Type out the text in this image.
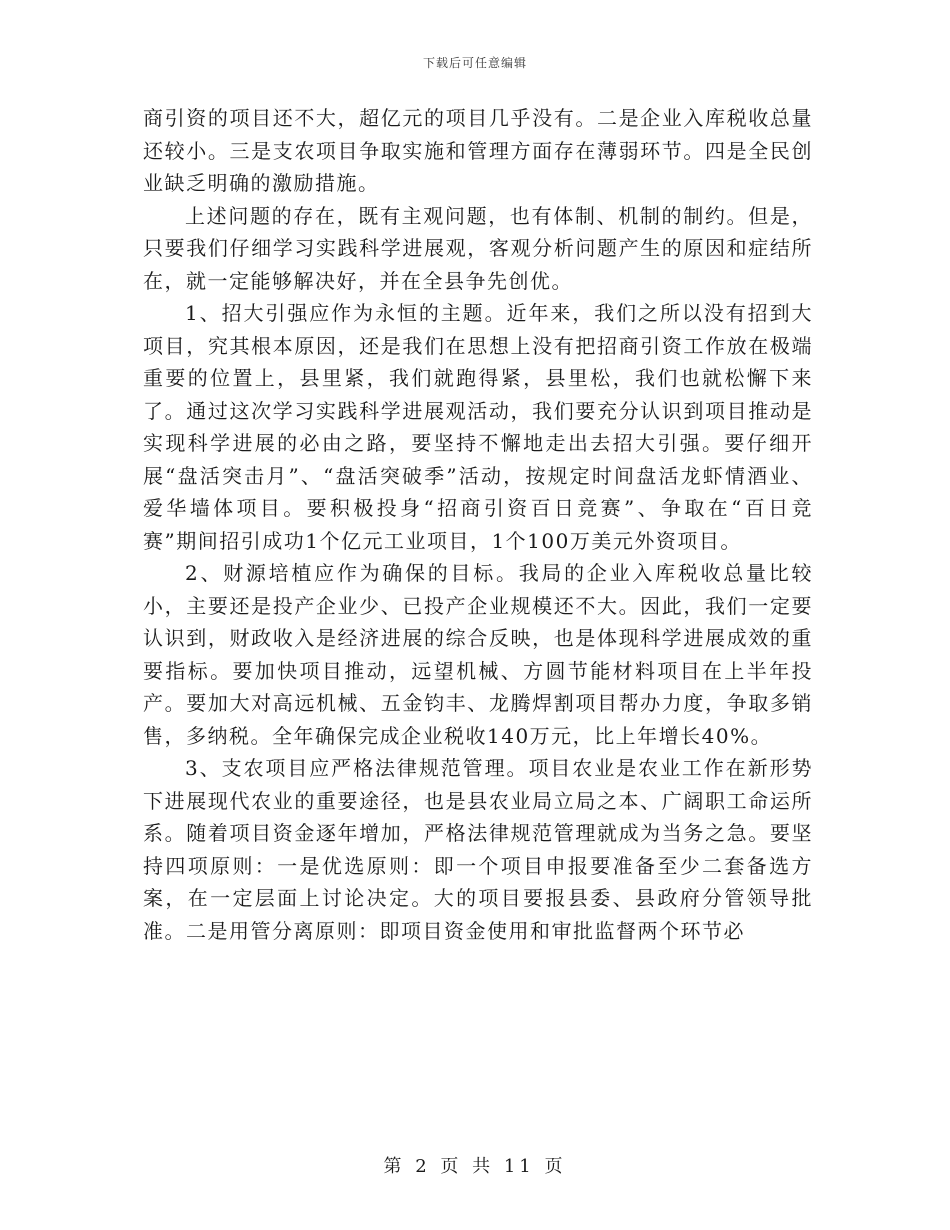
下载后可任意编辑

商引资的项目还不大，超亿元的项目几乎没有。二是企业入库税收总量还较小。三是支农项目争取实施和管理方面存在薄弱环节。四是全民创业缺乏明确的激励措施。

上述问题的存在，既有主观问题，也有体制、机制的制约。但是，只要我们仔细学习实践科学进展观，客观分析问题产生的原因和症结所在，就一定能够解决好，并在全县争先创优。

1、招大引强应作为永恒的主题。近年来，我们之所以没有招到大项目，究其根本原因，还是我们在思想上没有把招商引资工作放在极端重要的位置上，县里紧，我们就跑得紧，县里松，我们也就松懈下来了。通过这次学习实践科学进展观活动，我们要充分认识到项目推动是实现科学进展的必由之路，要坚持不懈地走出去招大引强。要仔细开展“盘活突击月”、“盘活突破季”活动，按规定时间盘活龙虾情酒业、爱华墙体项目。要积极投身“招商引资百日竞赛”、争取在“百日竞赛”期间招引成功1个亿元工业项目，1个100万美元外资项目。

2、财源培植应作为确保的目标。我局的企业入库税收总量比较小，主要还是投产企业少、已投产企业规模还不大。因此，我们一定要认识到，财政收入是经济进展的综合反映，也是体现科学进展成效的重要指标。要加快项目推动，远望机械、方圆节能材料项目在上半年投产。要加大对高远机械、五金钧丰、龙腾焊割项目帮办力度，争取多销售，多纳税。全年确保完成企业税收140万元，比上年增长40%。

3、支农项目应严格法律规范管理。项目农业是农业工作在新形势下进展现代农业的重要途径，也是县农业局立局之本、广阔职工命运所系。随着项目资金逐年增加，严格法律规范管理就成为当务之急。要坚持四项原则：一是优选原则：即一个项目申报要准备至少二套备选方案，在一定层面上讨论决定。大的项目要报县委、县政府分管领导批准。二是用管分离原则：即项目资金使用和审批监督两个环节必

第 2 页 共 11 页
